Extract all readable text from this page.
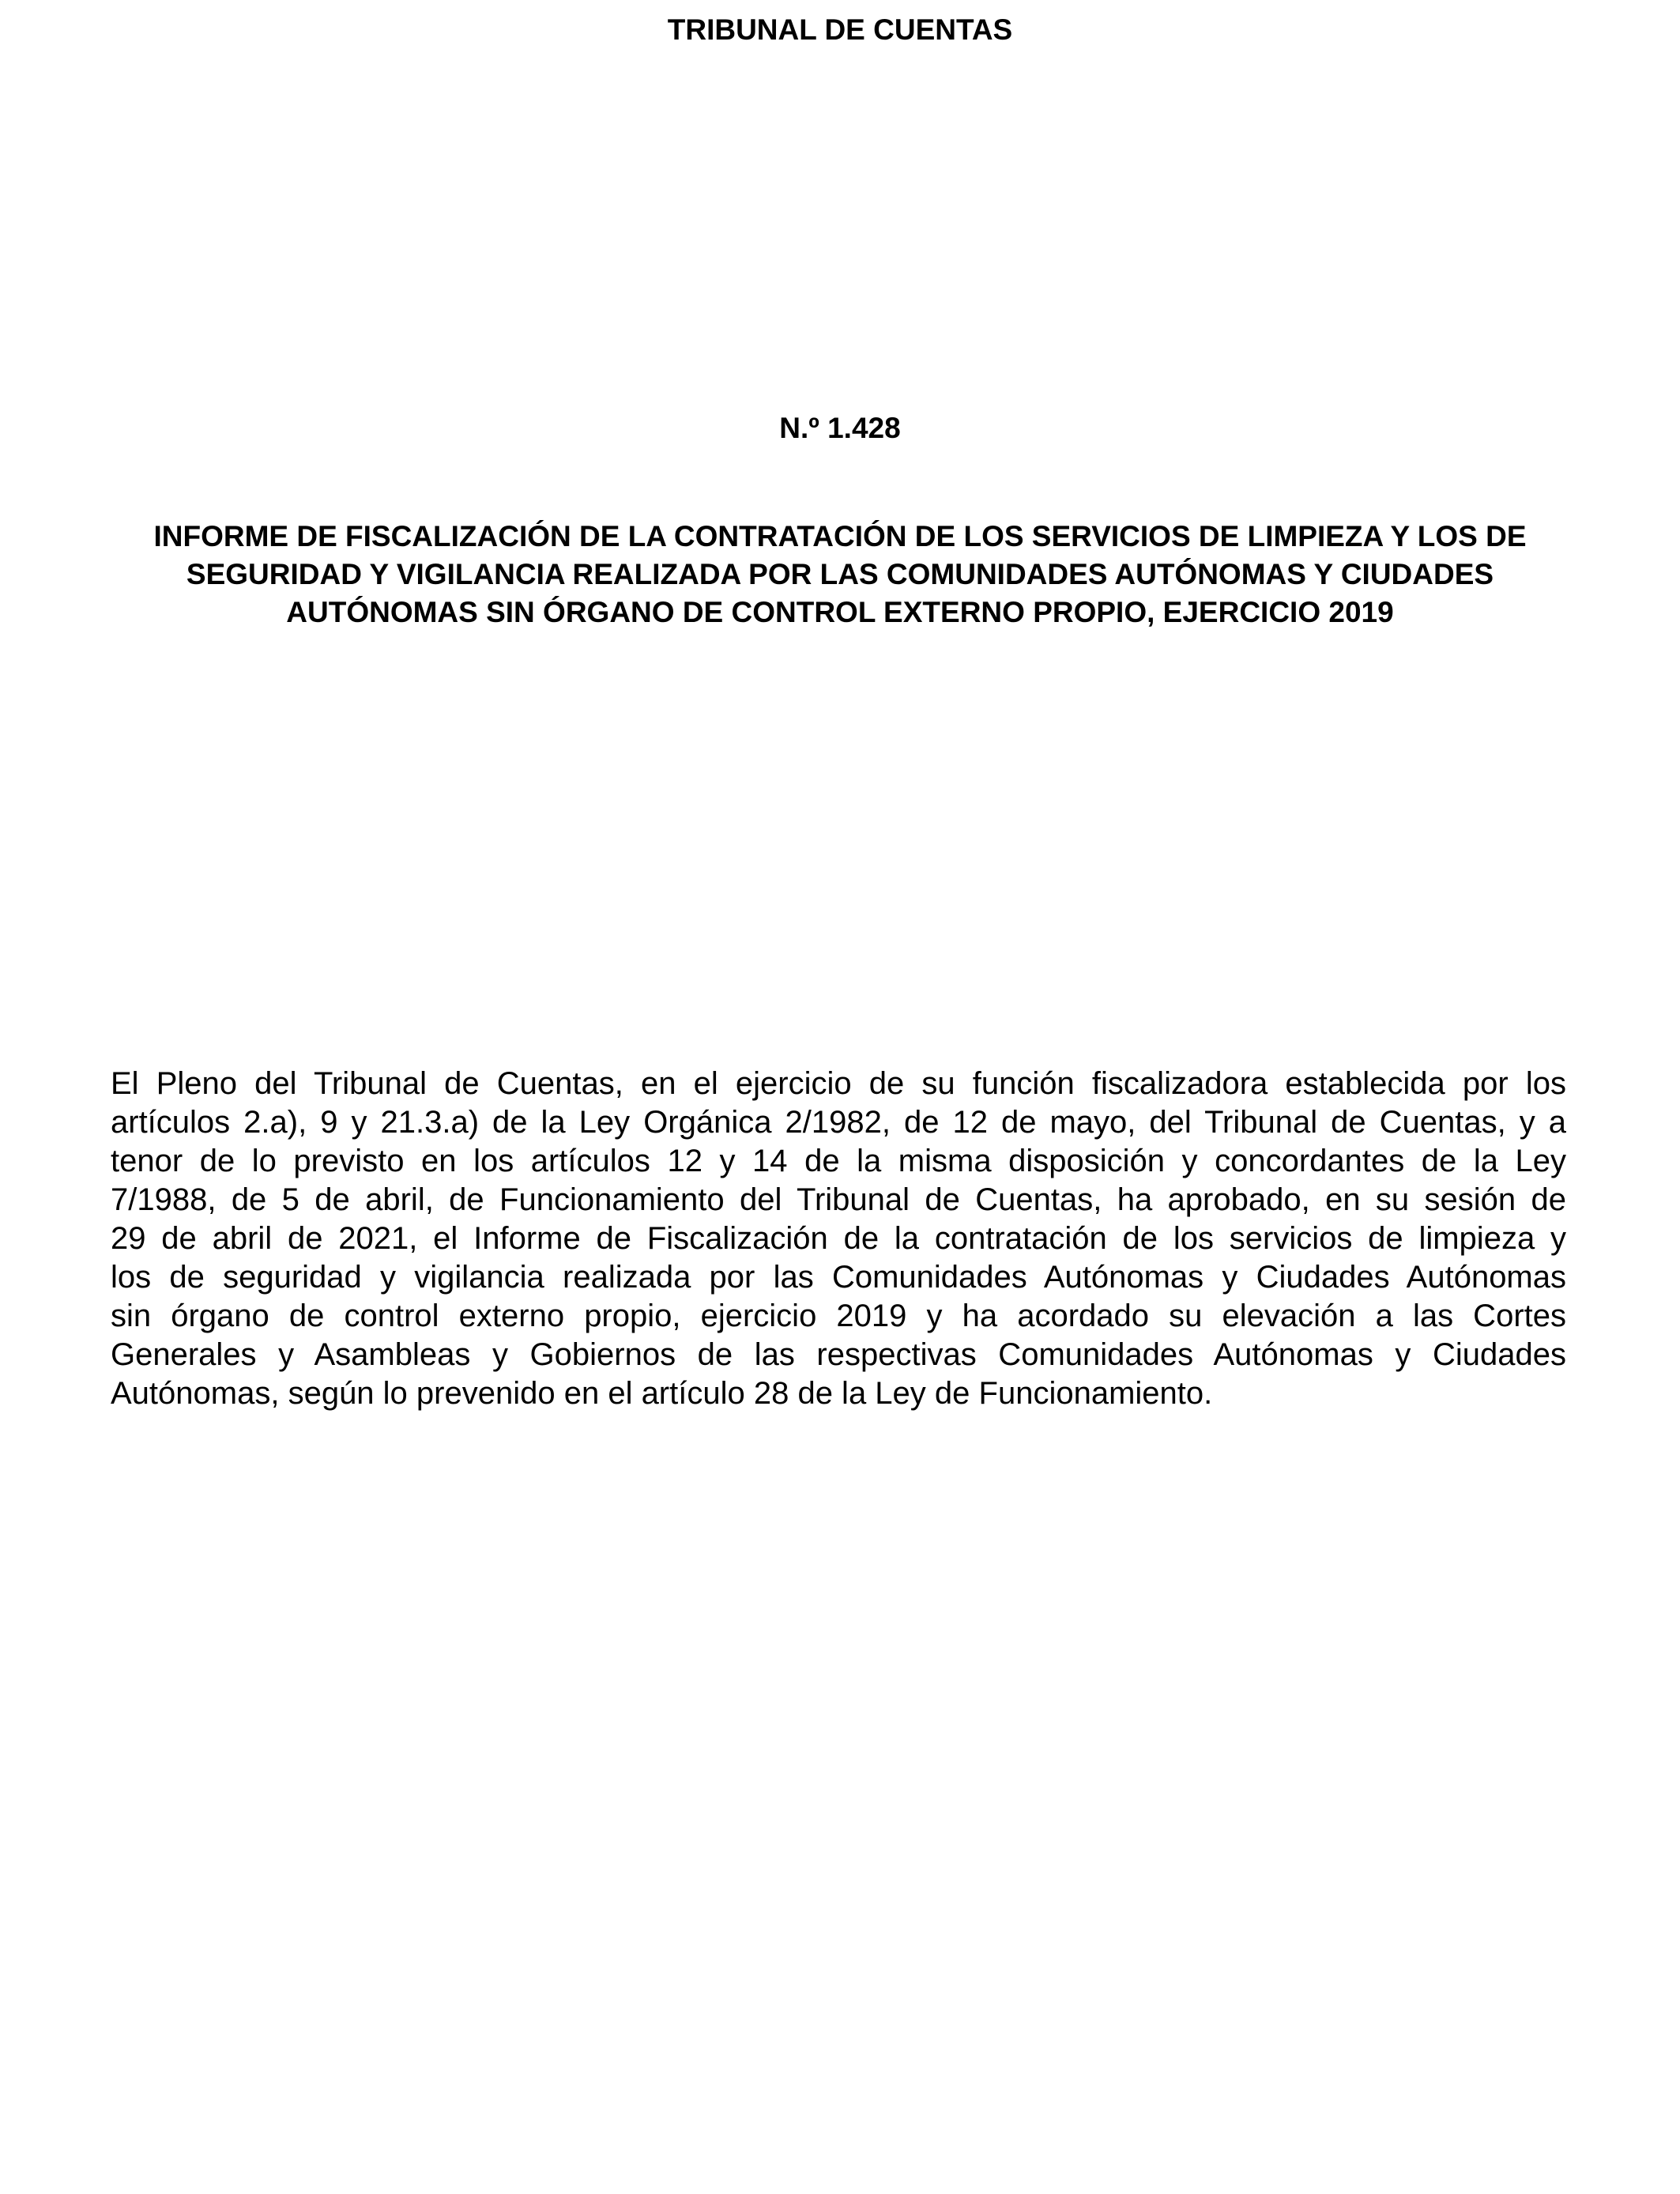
TRIBUNAL DE CUENTAS
N.º 1.428
INFORME DE FISCALIZACIÓN DE LA CONTRATACIÓN DE LOS SERVICIOS DE LIMPIEZA Y LOS DE
SEGURIDAD Y VIGILANCIA REALIZADA POR LAS COMUNIDADES AUTÓNOMAS Y CIUDADES
AUTÓNOMAS SIN ÓRGANO DE CONTROL EXTERNO PROPIO, EJERCICIO 2019
El Pleno del Tribunal de Cuentas, en el ejercicio de su función fiscalizadora establecida por los
artículos 2.a), 9 y 21.3.a) de la Ley Orgánica 2/1982, de 12 de mayo, del Tribunal de Cuentas, y a
tenor de lo previsto en los artículos 12 y 14 de la misma disposición y concordantes de la Ley
7/1988, de 5 de abril, de Funcionamiento del Tribunal de Cuentas, ha aprobado, en su sesión de
29 de abril de 2021, el Informe de Fiscalización de la contratación de los servicios de limpieza y
los de seguridad y vigilancia realizada por las Comunidades Autónomas y Ciudades Autónomas
sin órgano de control externo propio, ejercicio 2019 y ha acordado su elevación a las Cortes
Generales y Asambleas y Gobiernos de las respectivas Comunidades Autónomas y Ciudades
Autónomas, según lo prevenido en el artículo 28 de la Ley de Funcionamiento.
